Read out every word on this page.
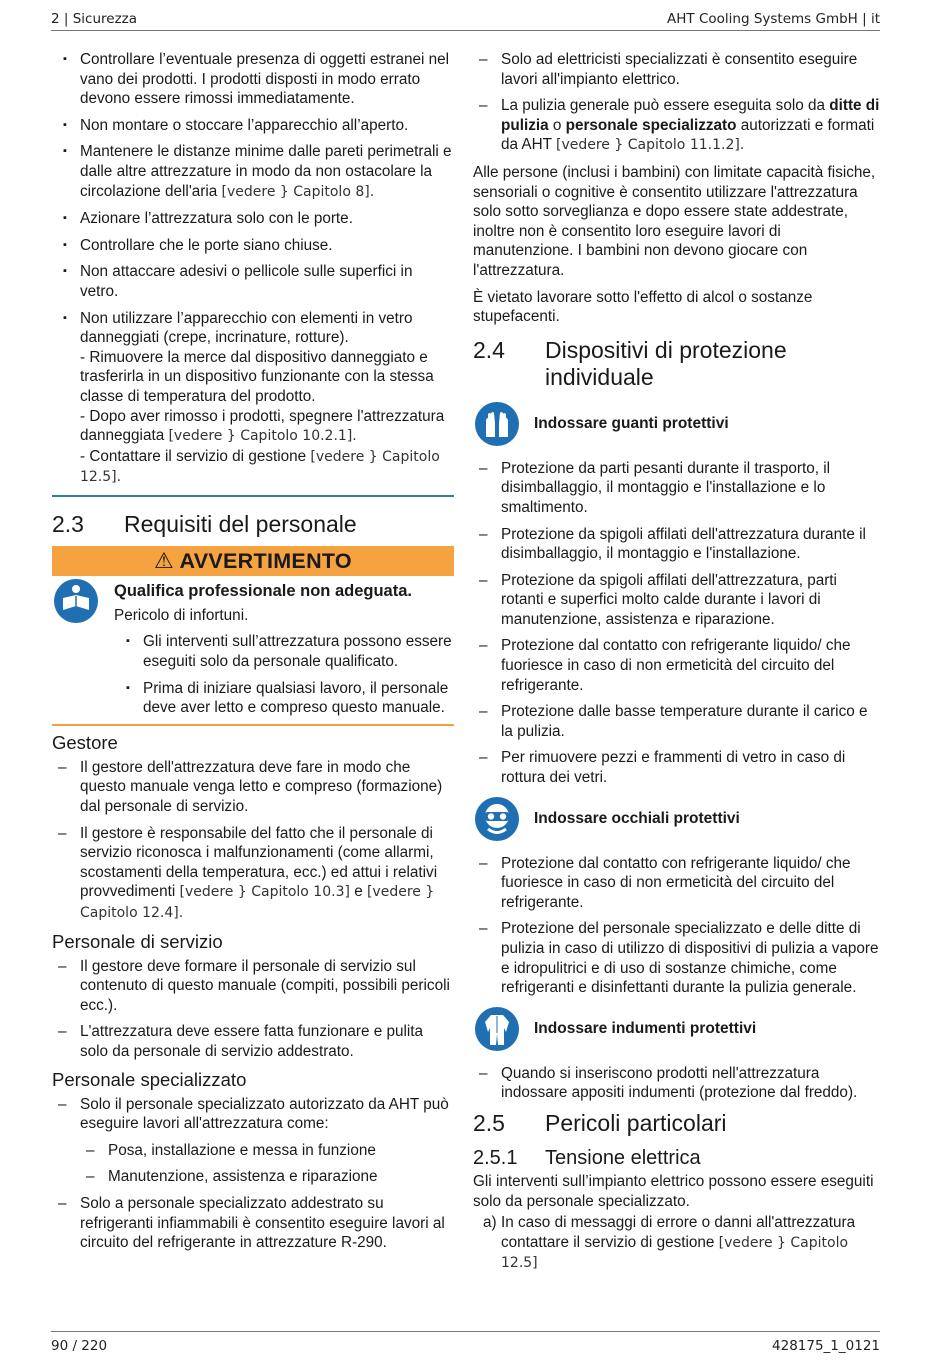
2 | Sicurezza	AHT Cooling Systems GmbH | it
▪ Controllare l’eventuale presenza di oggetti estranei nel vano dei prodotti. I prodotti disposti in modo errato devono essere rimossi immediatamente.
▪ Non montare o stoccare l’apparecchio all’aperto.
▪ Mantenere le distanze minime dalle pareti perimetrali e dalle altre attrezzature in modo da non ostacolare la circolazione dell'aria [vedere } Capitolo 8].
▪ Azionare l’attrezzatura solo con le porte.
▪ Controllare che le porte siano chiuse.
▪ Non attaccare adesivi o pellicole sulle superfici in vetro.
▪ Non utilizzare l’apparecchio con elementi in vetro danneggiati (crepe, incrinature, rotture).
- Rimuovere la merce dal dispositivo danneggiato e trasferirla in un dispositivo funzionante con la stessa classe di temperatura del prodotto.
- Dopo aver rimosso i prodotti, spegnere l'attrezzatura danneggiata [vedere } Capitolo 10.2.1].
- Contattare il servizio di gestione [vedere } Capitolo 12.5].
2.3 Requisiti del personale
⚠ AVVERTIMENTO
Qualifica professionale non adeguata.
Pericolo di infortuni.
▪ Gli interventi sull’attrezzatura possono essere eseguiti solo da personale qualificato.
▪ Prima di iniziare qualsiasi lavoro, il personale deve aver letto e compreso questo manuale.
Gestore
– Il gestore dell'attrezzatura deve fare in modo che questo manuale venga letto e compreso (formazione) dal personale di servizio.
– Il gestore è responsabile del fatto che il personale di servizio riconosca i malfunzionamenti (come allarmi, scostamenti della temperatura, ecc.) ed attui i relativi provvedimenti [vedere } Capitolo 10.3] e [vedere } Capitolo 12.4].
Personale di servizio
– Il gestore deve formare il personale di servizio sul contenuto di questo manuale (compiti, possibili pericoli ecc.).
– L'attrezzatura deve essere fatta funzionare e pulita solo da personale di servizio addestrato.
Personale specializzato
– Solo il personale specializzato autorizzato da AHT può eseguire lavori all'attrezzatura come:
– Posa, installazione e messa in funzione
– Manutenzione, assistenza e riparazione
– Solo a personale specializzato addestrato su refrigeranti infiammabili è consentito eseguire lavori al circuito del refrigerante in attrezzature R-290.
– Solo ad elettricisti specializzati è consentito eseguire lavori all'impianto elettrico.
– La pulizia generale può essere eseguita solo da ditte di pulizia o personale specializzato autorizzati e formati da AHT [vedere } Capitolo 11.1.2].
Alle persone (inclusi i bambini) con limitate capacità fisiche, sensoriali o cognitive è consentito utilizzare l'attrezzatura solo sotto sorveglianza e dopo essere state addestrate, inoltre non è consentito loro eseguire lavori di manutenzione. I bambini non devono giocare con l'attrezzatura.
È vietato lavorare sotto l'effetto di alcol o sostanze stupefacenti.
2.4 Dispositivi di protezione individuale
Indossare guanti protettivi
– Protezione da parti pesanti durante il trasporto, il disimballaggio, il montaggio e l'installazione e lo smaltimento.
– Protezione da spigoli affilati dell'attrezzatura durante il disimballaggio, il montaggio e l'installazione.
– Protezione da spigoli affilati dell'attrezzatura, parti rotanti e superfici molto calde durante i lavori di manutenzione, assistenza e riparazione.
– Protezione dal contatto con refrigerante liquido/ che fuoriesce in caso di non ermeticità del circuito del refrigerante.
– Protezione dalle basse temperature durante il carico e la pulizia.
– Per rimuovere pezzi e frammenti di vetro in caso di rottura dei vetri.
Indossare occhiali protettivi
– Protezione dal contatto con refrigerante liquido/ che fuoriesce in caso di non ermeticità del circuito del refrigerante.
– Protezione del personale specializzato e delle ditte di pulizia in caso di utilizzo di dispositivi di pulizia a vapore e idropulitrici e di uso di sostanze chimiche, come refrigeranti e disinfettanti durante la pulizia generale.
Indossare indumenti protettivi
– Quando si inseriscono prodotti nell'attrezzatura indossare appositi indumenti (protezione dal freddo).
2.5 Pericoli particolari
2.5.1 Tensione elettrica
Gli interventi sull’impianto elettrico possono essere eseguiti solo da personale specializzato.
a) In caso di messaggi di errore o danni all'attrezzatura contattare il servizio di gestione [vedere } Capitolo 12.5]
90 / 220	428175_1_0121
